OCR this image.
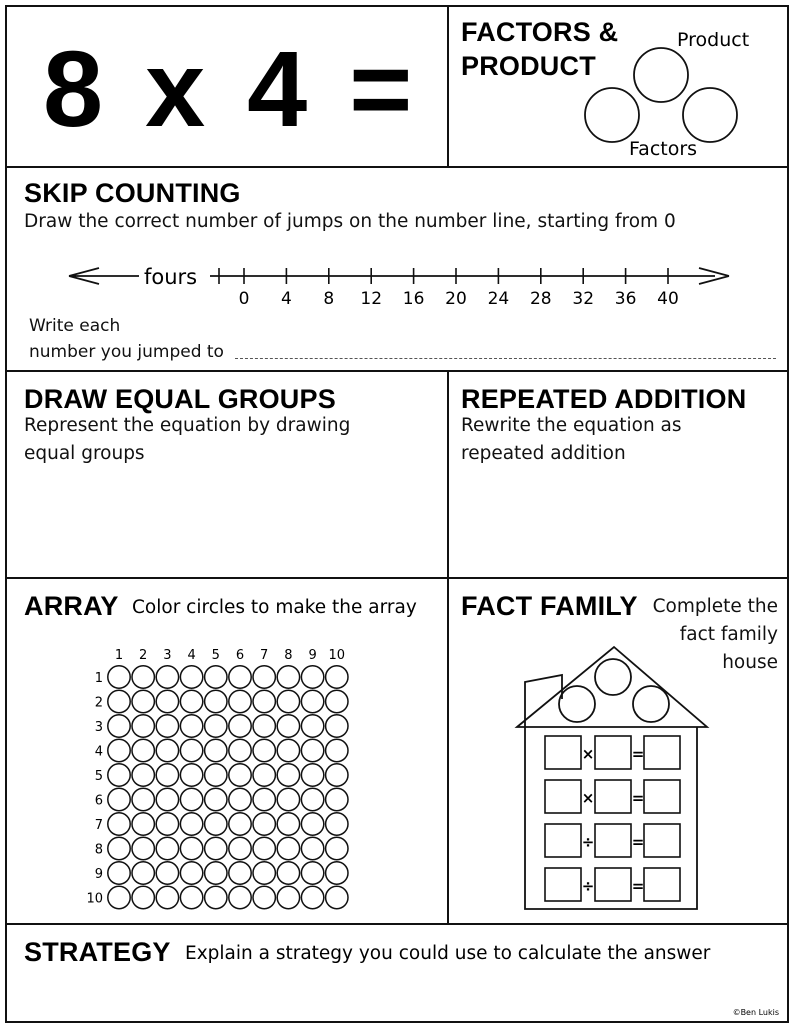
8 x 4 = FACTORS &
PRODUCT
Product
Factors
SKIP COUNTING
Draw the correct number of jumps on the number line, starting from 0
fours
0 4 8 12 16 20 24 28 32 36 40
Write each
number you jumped to
DRAW EQUAL GROUPS
Represent the equation by drawing
equal groups
REPEATED ADDITION
Rewrite the equation as
repeated addition
ARRAY Color circles to make the array
1 2 3 4 5 6 7 8 9 10
1
2
3
4
5
6
7
8
9
10
FACT FAMILY Complete the
fact family
house
× =
× =
÷ =
÷ =
STRATEGY Explain a strategy you could use to calculate the answer
©Ben Lukis
